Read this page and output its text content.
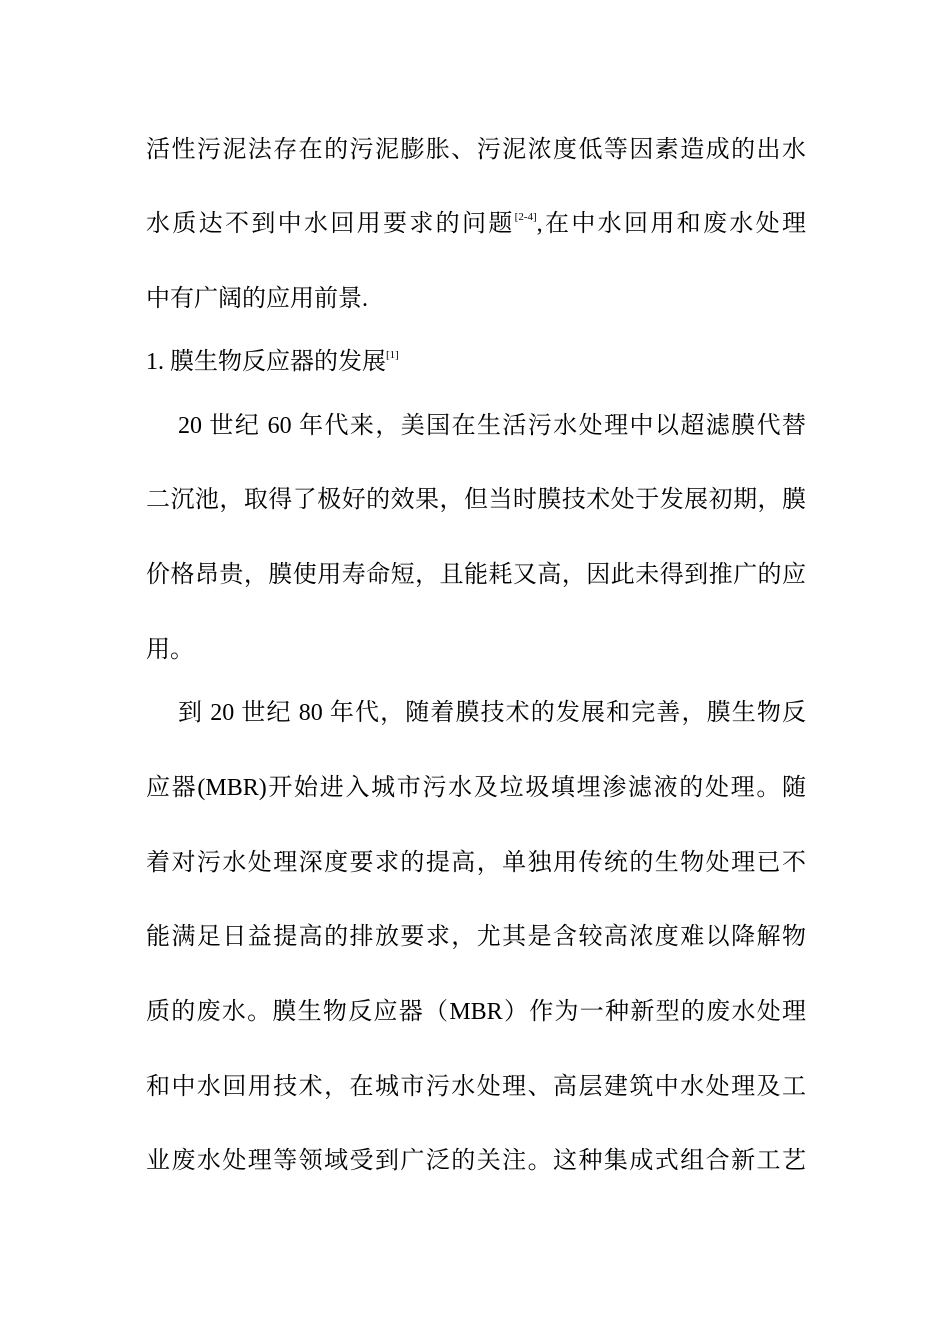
活性污泥法存在的污泥膨胀、污泥浓度低等因素造成的出水
水质达不到中水回用要求的问题[2-4],在中水回用和废水处理
中有广阔的应用前景.
1. 膜生物反应器的发展[1]
20 世纪 60 年代来，美国在生活污水处理中以超滤膜代替
二沉池，取得了极好的效果，但当时膜技术处于发展初期，膜
价格昂贵，膜使用寿命短，且能耗又高，因此未得到推广的应
用。
到 20 世纪 80 年代，随着膜技术的发展和完善，膜生物反
应器(MBR)开始进入城市污水及垃圾填埋渗滤液的处理。随
着对污水处理深度要求的提高，单独用传统的生物处理已不
能满足日益提高的排放要求，尤其是含较高浓度难以降解物
质的废水。膜生物反应器（MBR）作为一种新型的废水处理
和中水回用技术，在城市污水处理、高层建筑中水处理及工
业废水处理等领域受到广泛的关注。这种集成式组合新工艺
